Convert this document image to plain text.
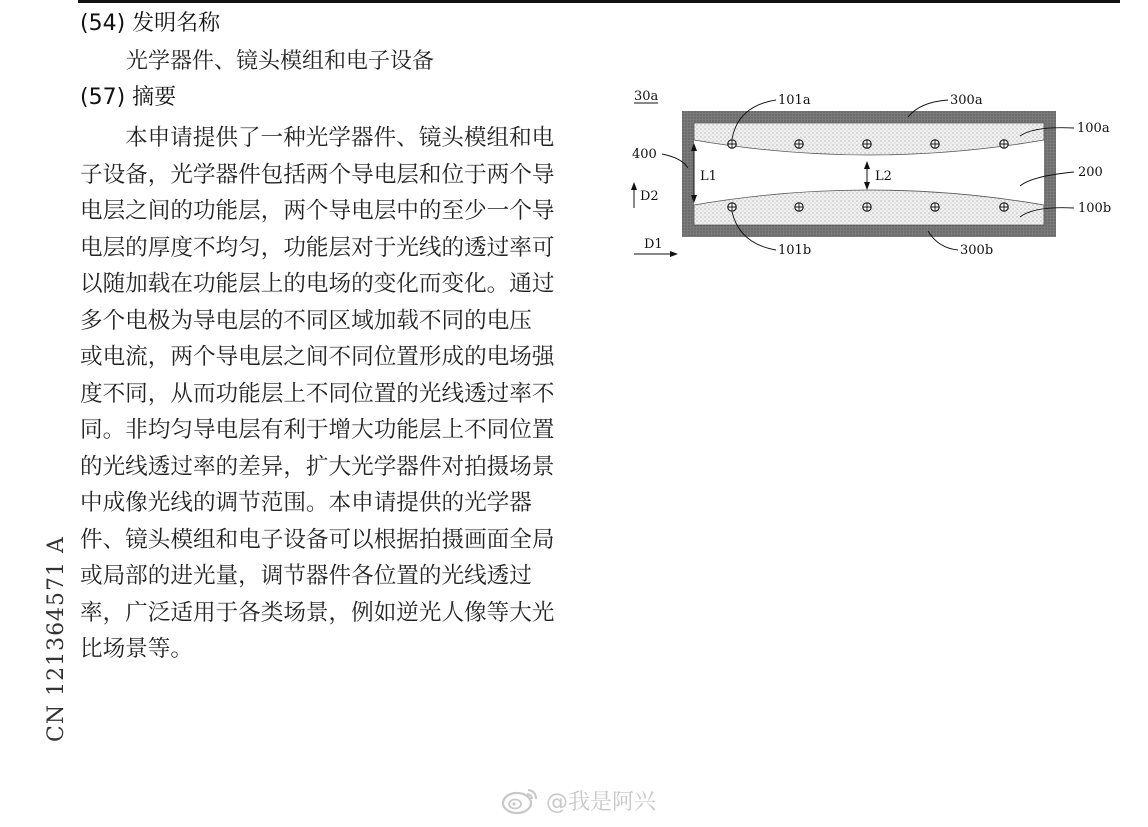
(54) 发明名称
光学器件、镜头模组和电子设备
(57) 摘要
本申请提供了一种光学器件、镜头模组和电
子设备，光学器件包括两个导电层和位于两个导
电层之间的功能层，两个导电层中的至少一个导
电层的厚度不均匀，功能层对于光线的透过率可
以随加载在功能层上的电场的变化而变化。通过
多个电极为导电层的不同区域加载不同的电压
或电流，两个导电层之间不同位置形成的电场强
度不同，从而功能层上不同位置的光线透过率不
同。非均匀导电层有利于增大功能层上不同位置
的光线透过率的差异，扩大光学器件对拍摄场景
中成像光线的调节范围。本申请提供的光学器
件、镜头模组和电子设备可以根据拍摄画面全局
或局部的进光量，调节器件各位置的光线透过
率，广泛适用于各类场景，例如逆光人像等大光
比场景等。
CN 121364571 A
30a
L1	L2
D2
D1
101a	300a
100a
400
200
100b
101b	300b
@我是阿兴
